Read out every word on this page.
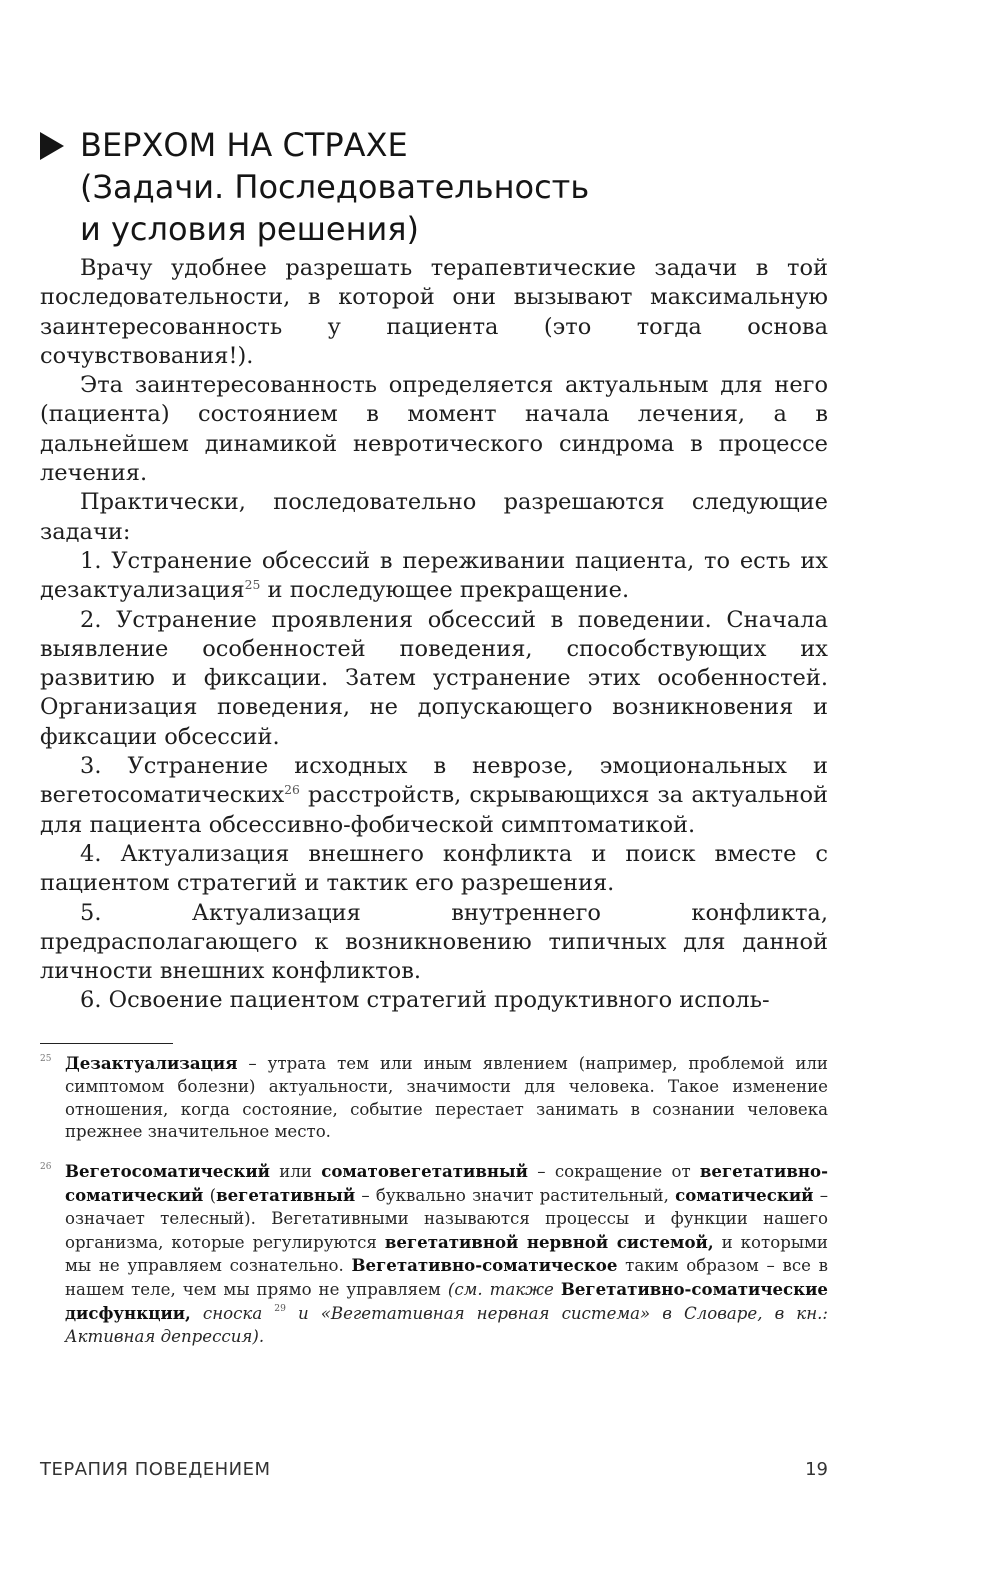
ВЕРХОМ НА СТРАХЕ
(Задачи. Последовательность
и условия решения)

Врачу удобнее разрешать терапевтические задачи в той последовательности, в которой они вызывают максимальную заинтересованность у пациента (это тогда основа сочувствования!).

Эта заинтересованность определяется актуальным для него (пациента) состоянием в момент начала лечения, а в дальнейшем динамикой невротического синдрома в процессе лечения.

Практически, последовательно разрешаются следующие задачи:

1. Устранение обсессий в переживании пациента, то есть их дезактуализация$^{25}$ и последующее прекращение.

2. Устранение проявления обсессий в поведении. Сначала выявление особенностей поведения, способствующих их развитию и фиксации. Затем устранение этих особенностей. Организация поведения, не допускающего возникновения и фиксации обсессий.

3. Устранение исходных в неврозе, эмоциональных и вегетосоматических$^{26}$ расстройств, скрывающихся за актуальной для пациента обсессивно-фобической симптоматикой.

4. Актуализация внешнего конфликта и поиск вместе с пациентом стратегий и тактик его разрешения.

5. Актуализация внутреннего конфликта, предрасполагающего к возникновению типичных для данной личности внешних конфликтов.

6. Освоение пациентом стратегий продуктивного исполь-

25 Дезактуализация – утрата тем или иным явлением (например, проблемой или симптомом болезни) актуальности, значимости для человека. Такое изменение отношения, когда состояние, событие перестает занимать в сознании человека прежнее значительное место.
26 Вегетосоматический или соматовегетативный – сокращение от вегетативно-соматический (вегетативный – буквально значит растительный, соматический – означает телесный). Вегетативными называются процессы и функции нашего организма, которые регулируются вегетативной нервной системой, и которыми мы не управляем сознательно. Вегетативно-соматическое таким образом – все в нашем теле, чем мы прямо не управляем (см. также Вегетативно-соматические дисфункции, сноска $^{29}$ и «Вегетативная нервная система» в Словаре, в кн.: Активная депрессия).
ТЕРАПИЯ ПОВЕДЕНИЕМ	19
